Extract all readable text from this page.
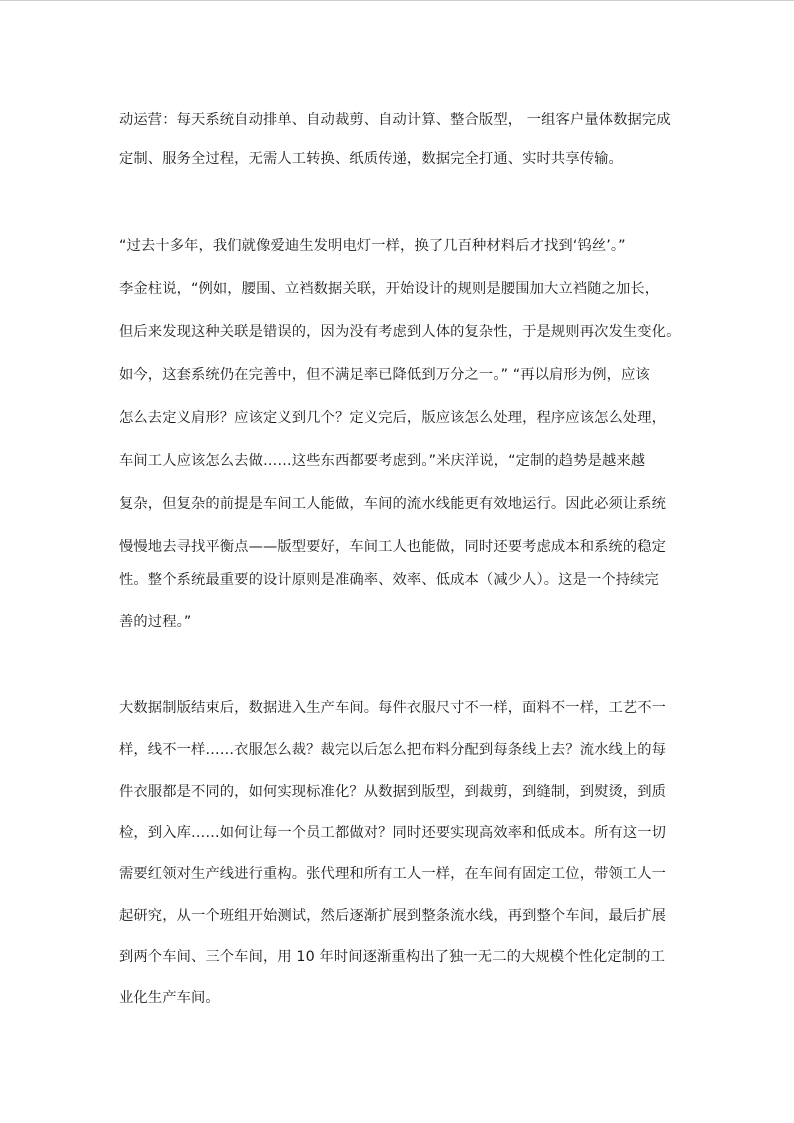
动运营：每天系统自动排单、自动裁剪、自动计算、整合版型， 一组客户量体数据完成
定制、服务全过程，无需人工转换、纸质传递，数据完全打通、实时共享传输。
“过去十多年，我们就像爱迪生发明电灯一样，换了几百种材料后才找到‘钨丝’。”
李金柱说，“例如，腰围、立裆数据关联，开始设计的规则是腰围加大立裆随之加长，
但后来发现这种关联是错误的，因为没有考虑到人体的复杂性，于是规则再次发生变化。
如今，这套系统仍在完善中，但不满足率已降低到万分之一。” “再以肩形为例，应该
怎么去定义肩形？应该定义到几个？定义完后，版应该怎么处理，程序应该怎么处理，
车间工人应该怎么去做……这些东西都要考虑到。”米庆洋说，“定制的趋势是越来越
复杂，但复杂的前提是车间工人能做，车间的流水线能更有效地运行。因此必须让系统
慢慢地去寻找平衡点——版型要好，车间工人也能做，同时还要考虑成本和系统的稳定
性。整个系统最重要的设计原则是准确率、效率、低成本（减少人）。这是一个持续完
善的过程。”
大数据制版结束后，数据进入生产车间。每件衣服尺寸不一样，面料不一样，工艺不一
样，线不一样……衣服怎么裁？裁完以后怎么把布料分配到每条线上去？流水线上的每
件衣服都是不同的，如何实现标准化？从数据到版型，到裁剪，到缝制，到熨烫，到质
检，到入库……如何让每一个员工都做对？同时还要实现高效率和低成本。所有这一切
需要红领对生产线进行重构。张代理和所有工人一样，在车间有固定工位，带领工人一
起研究，从一个班组开始测试，然后逐渐扩展到整条流水线，再到整个车间，最后扩展
到两个车间、三个车间，用 10 年时间逐渐重构出了独一无二的大规模个性化定制的工
业化生产车间。
